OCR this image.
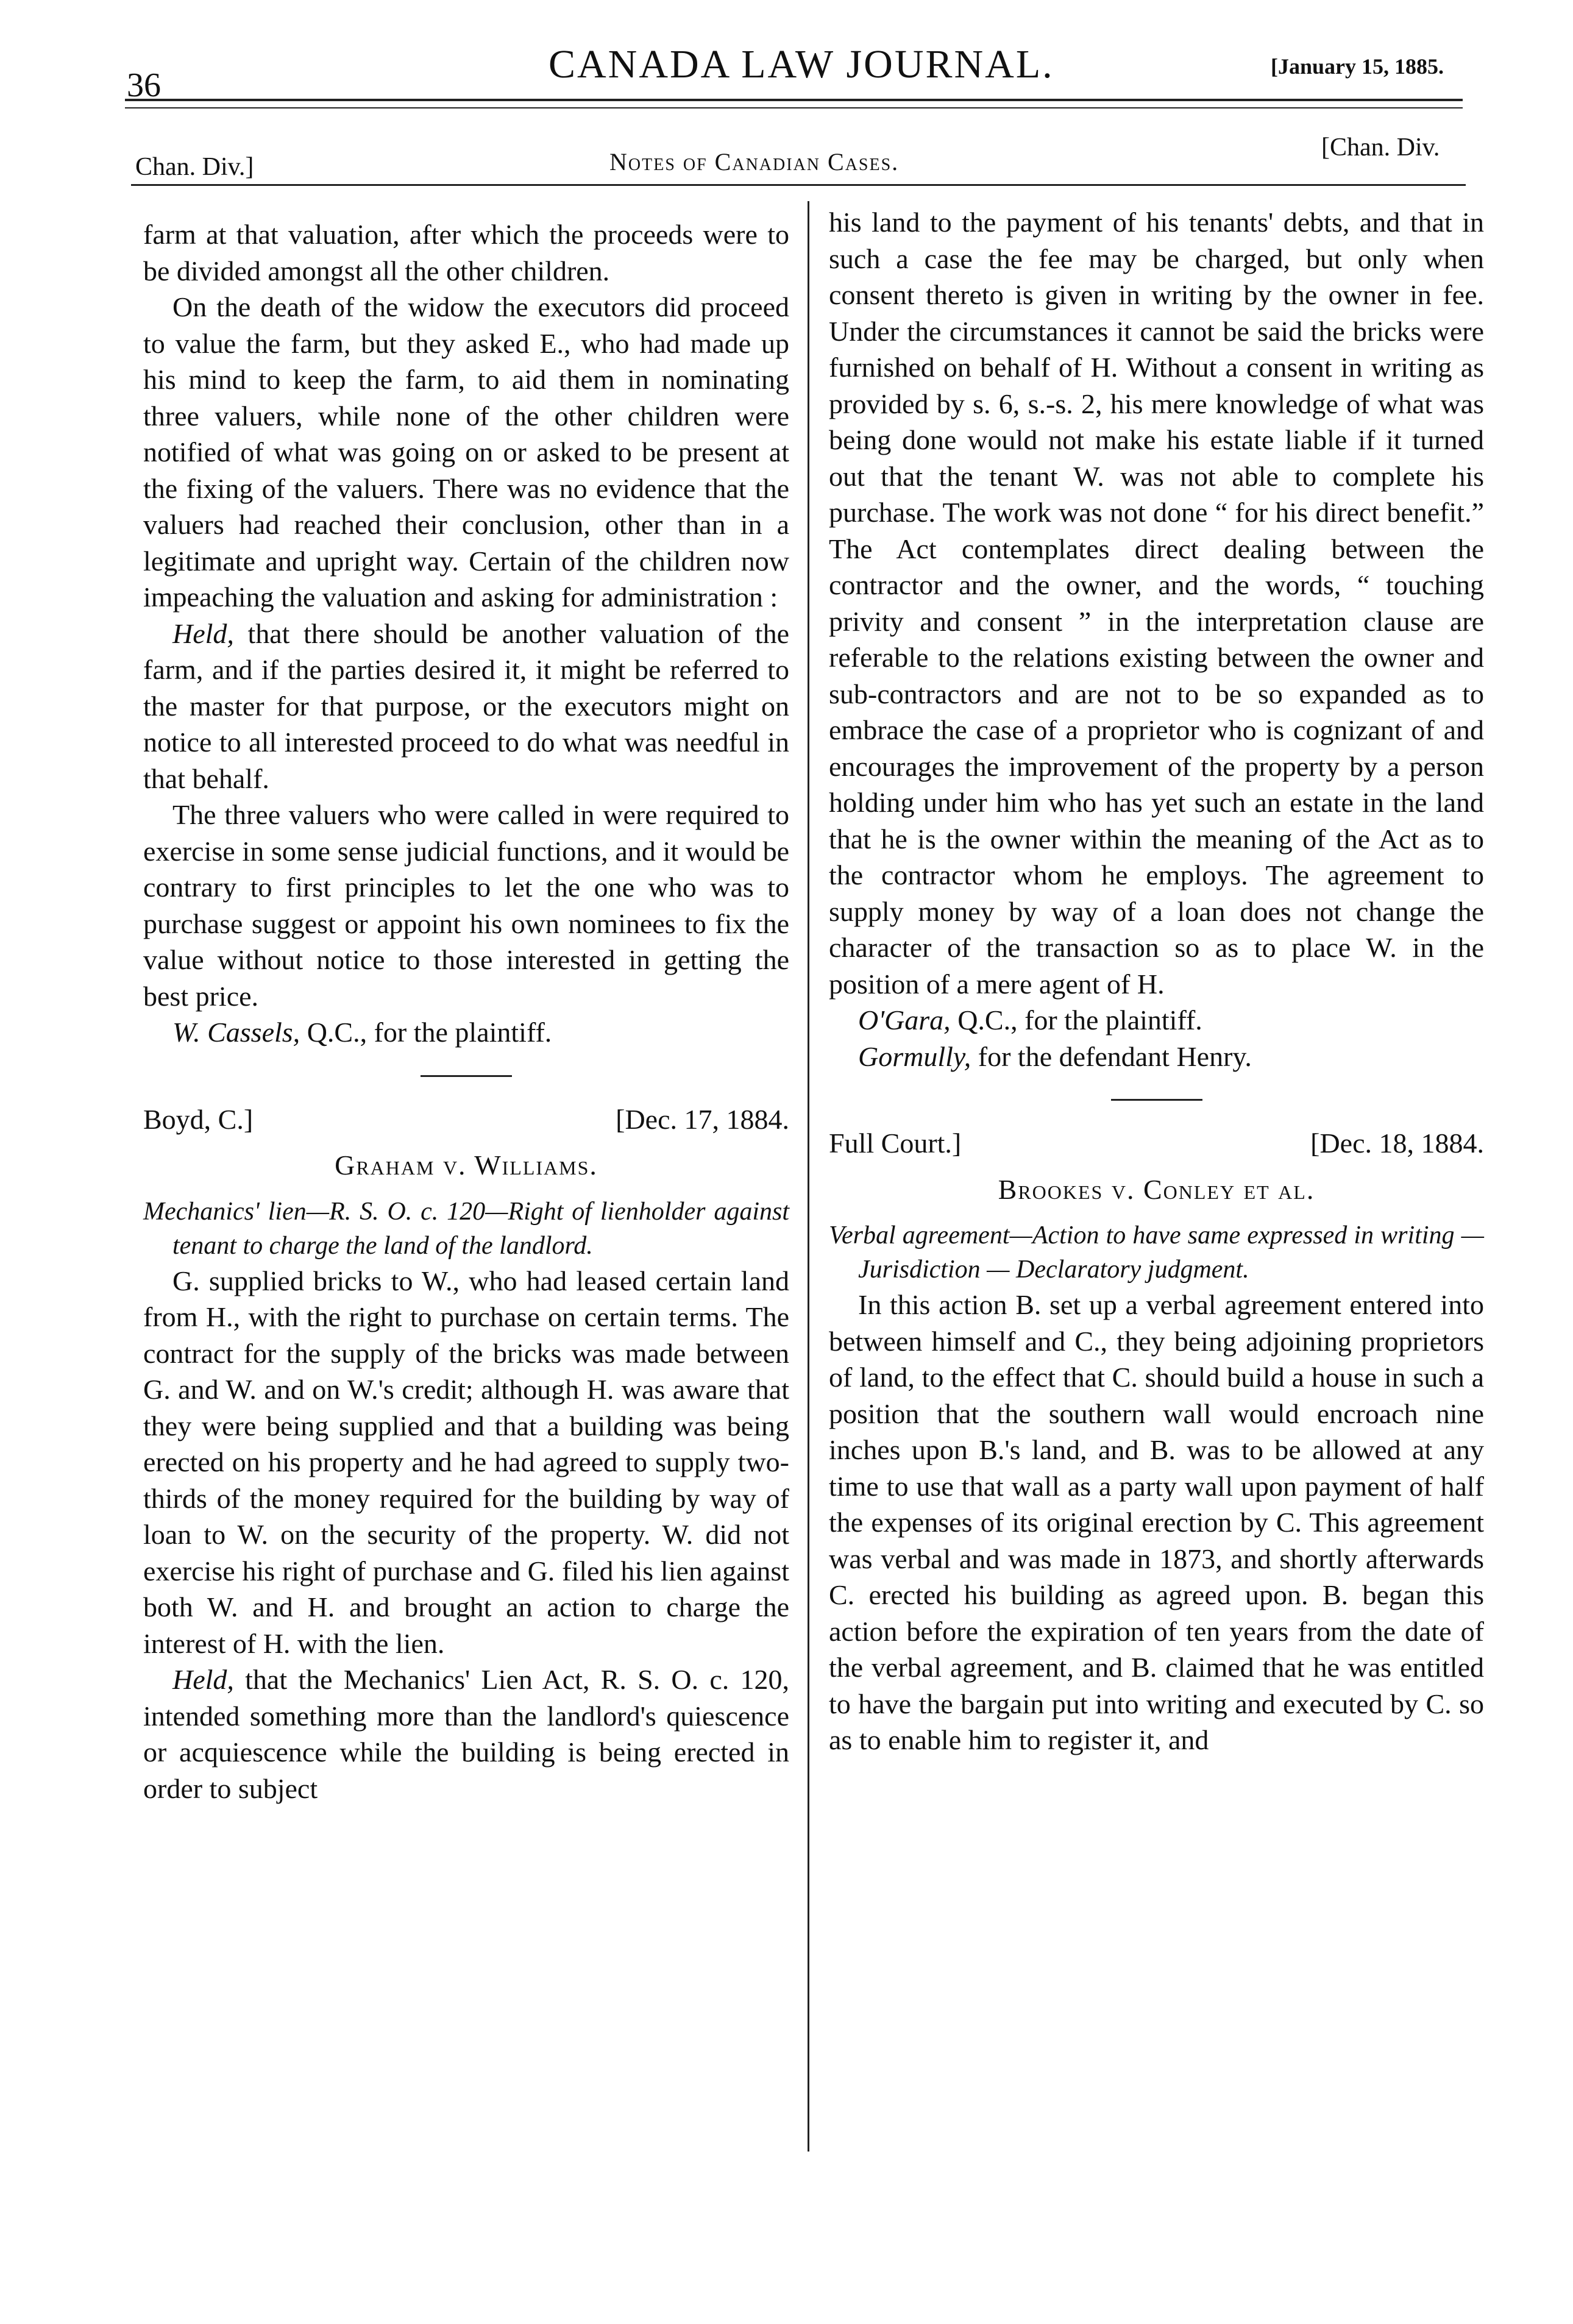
36	CANADA LAW JOURNAL.	[January 15, 1885.
Chan. Div.]	Notes of Canadian Cases.
[Chan. Div.

farm at that valuation, after which the proceeds were to be divided amongst all the other children.

On the death of the widow the executors did proceed to value the farm, but they asked E., who had made up his mind to keep the farm, to aid them in nominating three valuers, while none of the other children were notified of what was going on or asked to be present at the fixing of the valuers. There was no evidence that the valuers had reached their conclusion, other than in a legitimate and upright way. Certain of the children now impeaching the valuation and asking for administration :

Held, that there should be another valuation of the farm, and if the parties desired it, it might be referred to the master for that purpose, or the executors might on notice to all interested proceed to do what was needful in that behalf.

The three valuers who were called in were required to exercise in some sense judicial functions, and it would be contrary to first principles to let the one who was to purchase suggest or appoint his own nominees to fix the value without notice to those interested in getting the best price.

W. Cassels, Q.C., for the plaintiff.

Boyd, C.]	[Dec. 17, 1884.
Graham v. Williams.

Mechanics' lien—R. S. O. c. 120—Right of lienholder against tenant to charge the land of the landlord.

G. supplied bricks to W., who had leased certain land from H., with the right to purchase on certain terms. The contract for the supply of the bricks was made between G. and W. and on W.'s credit; although H. was aware that they were being supplied and that a building was being erected on his property and he had agreed to supply two-thirds of the money required for the building by way of loan to W. on the security of the property. W. did not exercise his right of purchase and G. filed his lien against both W. and H. and brought an action to charge the interest of H. with the lien.

Held, that the Mechanics' Lien Act, R. S. O. c. 120, intended something more than the landlord's quiescence or acquiescence while the building is being erected in order to subject

his land to the payment of his tenants' debts, and that in such a case the fee may be charged, but only when consent thereto is given in writing by the owner in fee. Under the circumstances it cannot be said the bricks were furnished on behalf of H. Without a consent in writing as provided by s. 6, s.-s. 2, his mere knowledge of what was being done would not make his estate liable if it turned out that the tenant W. was not able to complete his purchase. The work was not done “ for his direct benefit.” The Act contemplates direct dealing between the contractor and the owner, and the words, “ touching privity and consent ” in the interpretation clause are referable to the relations existing between the owner and sub-contractors and are not to be so expanded as to embrace the case of a proprietor who is cognizant of and encourages the improvement of the property by a person holding under him who has yet such an estate in the land that he is the owner within the meaning of the Act as to the contractor whom he employs. The agreement to supply money by way of a loan does not change the character of the transaction so as to place W. in the position of a mere agent of H.

O'Gara, Q.C., for the plaintiff.

Gormully, for the defendant Henry.

Full Court.]	[Dec. 18, 1884.
Brookes v. Conley et al.

Verbal agreement—Action to have same expressed in writing — Jurisdiction — Declaratory judgment.

In this action B. set up a verbal agreement entered into between himself and C., they being adjoining proprietors of land, to the effect that C. should build a house in such a position that the southern wall would encroach nine inches upon B.'s land, and B. was to be allowed at any time to use that wall as a party wall upon payment of half the expenses of its original erection by C. This agreement was verbal and was made in 1873, and shortly afterwards C. erected his building as agreed upon. B. began this action before the expiration of ten years from the date of the verbal agreement, and B. claimed that he was entitled to have the bargain put into writing and executed by C. so as to enable him to register it, and
